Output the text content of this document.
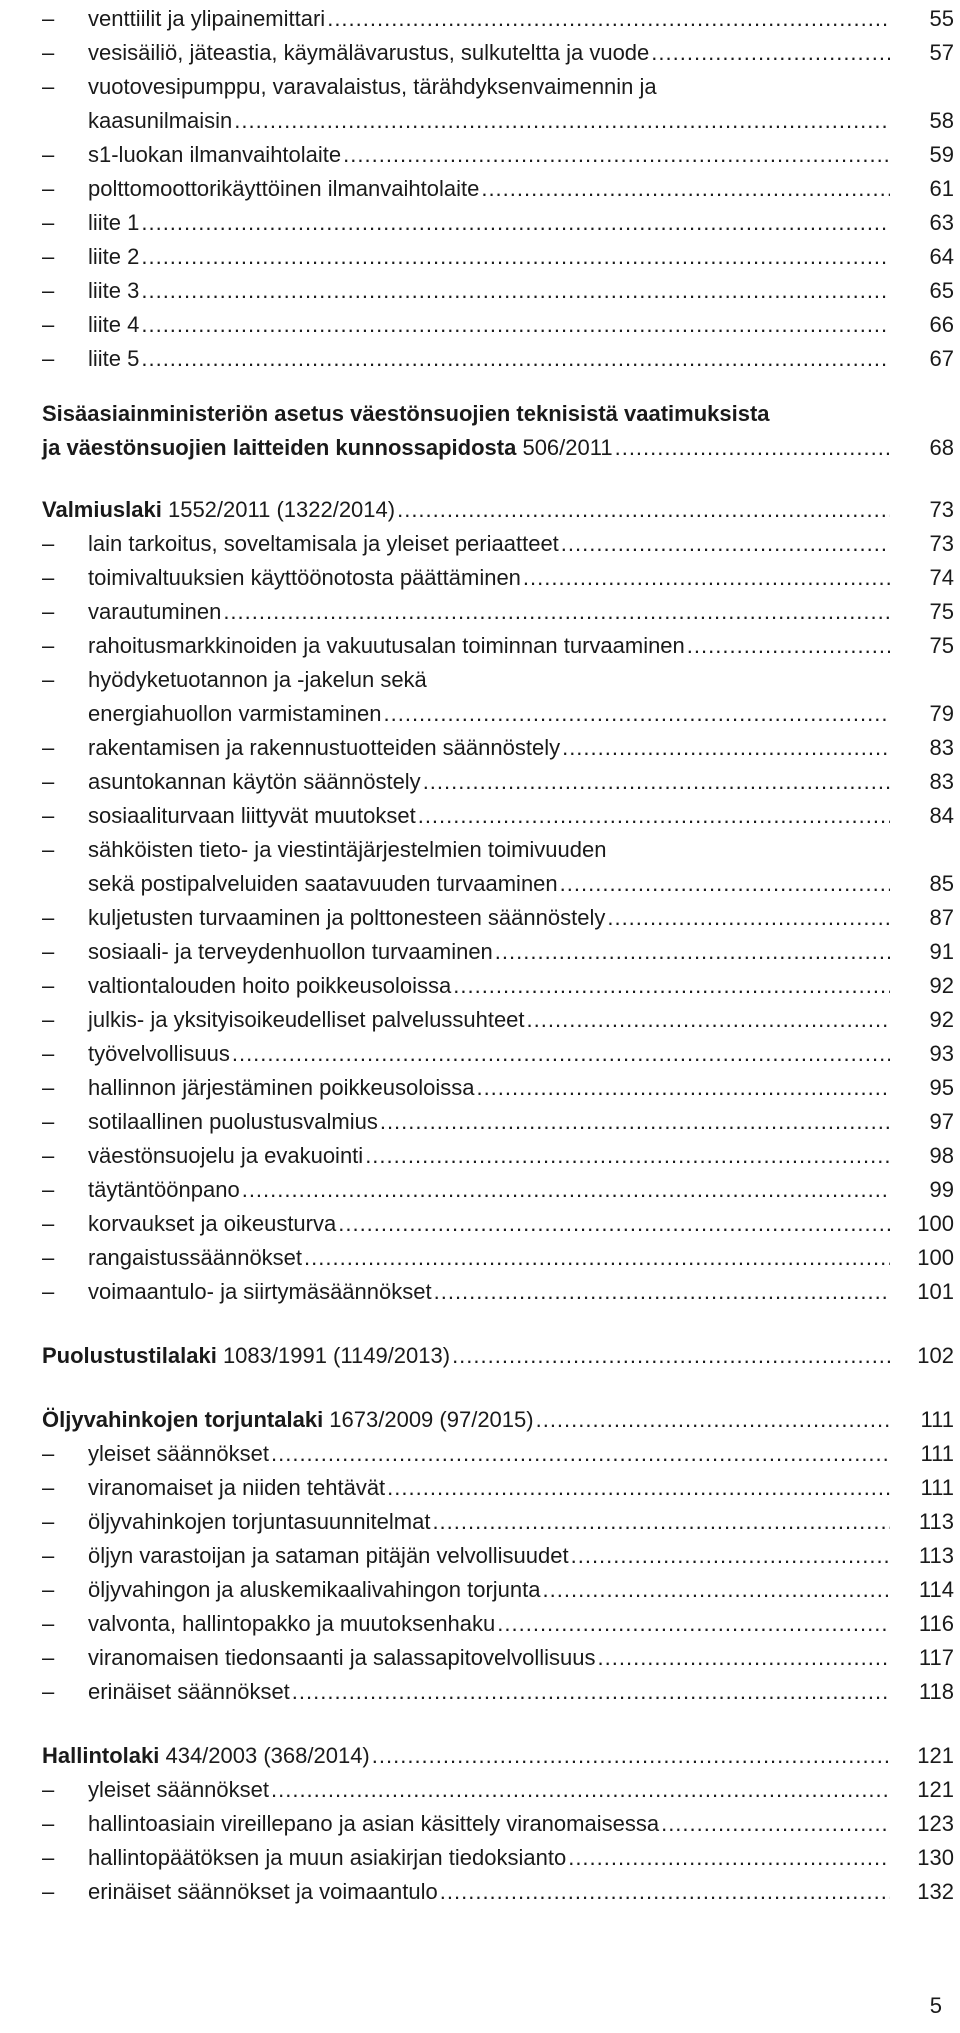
– venttiilit ja ylipainemittari .....	55
– vesisäiliö, jäteastia, käymälävarustus, sulkuteltta ja vuode .....	57
– vuotovesipumppu, varavalaistus, tärähdyksenvaimennin ja
kaasunilmaisin .....	58
– s1-luokan ilmanvaihtolaite .....	59
– polttomoottorikäyttöinen ilmanvaihtolaite .....	61
– liite 1 .....	63
– liite 2 .....	64
– liite 3 .....	65
– liite 4 .....	66
– liite 5 .....	67
Sisäasiainministeriön asetus väestönsuojien teknisistä vaatimuksista
ja väestönsuojien laitteiden kunnossapidosta 506/2011 .....	68
Valmiuslaki 1552/2011 (1322/2014) .....	73
– lain tarkoitus, soveltamisala ja yleiset periaatteet .....	73
– toimivaltuuksien käyttöönotosta päättäminen .....	74
– varautuminen .....	75
– rahoitusmarkkinoiden ja vakuutusalan toiminnan turvaaminen .....	75
– hyödyketuotannon ja -jakelun sekä
energiahuollon varmistaminen .....	79
– rakentamisen ja rakennustuotteiden säännöstely .....	83
– asuntokannan käytön säännöstely .....	83
– sosiaaliturvaan liittyvät muutokset .....	84
– sähköisten tieto- ja viestintäjärjestelmien toimivuuden
sekä postipalveluiden saatavuuden turvaaminen .....	85
– kuljetusten turvaaminen ja polttonesteen säännöstely .....	87
– sosiaali- ja terveydenhuollon turvaaminen .....	91
– valtiontalouden hoito poikkeusoloissa .....	92
– julkis- ja yksityisoikeudelliset palvelussuhteet .....	92
– työvelvollisuus .....	93
– hallinnon järjestäminen poikkeusoloissa .....	95
– sotilaallinen puolustusvalmius .....	97
– väestönsuojelu ja evakuointi .....	98
– täytäntöönpano .....	99
– korvaukset ja oikeusturva .....	100
– rangaistussäännökset .....	100
– voimaantulo- ja siirtymäsäännökset .....	101
Puolustustilalaki 1083/1991 (1149/2013) .....	102
Öljyvahinkojen torjuntalaki 1673/2009 (97/2015) .....	111
– yleiset säännökset .....	111
– viranomaiset ja niiden tehtävät .....	111
– öljyvahinkojen torjuntasuunnitelmat .....	113
– öljyn varastoijan ja sataman pitäjän velvollisuudet .....	113
– öljyvahingon ja aluskemikaalivahingon torjunta .....	114
– valvonta, hallintopakko ja muutoksenhaku .....	116
– viranomaisen tiedonsaanti ja salassapitovelvollisuus .....	117
– erinäiset säännökset .....	118
Hallintolaki 434/2003 (368/2014) .....	121
– yleiset säännökset .....	121
– hallintoasiain vireillepano ja asian käsittely viranomaisessa .....	123
– hallintopäätöksen ja muun asiakirjan tiedoksianto .....	130
– erinäiset säännökset ja voimaantulo .....	132
5
